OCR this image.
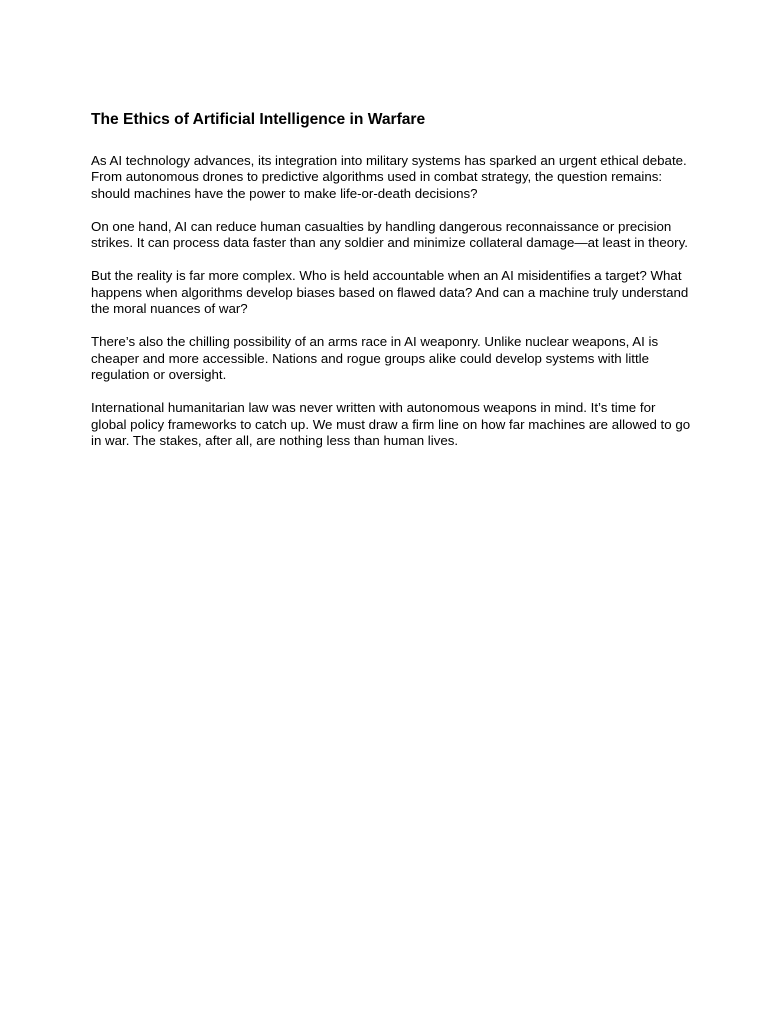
The Ethics of Artificial Intelligence in Warfare

As AI technology advances, its integration into military systems has sparked an urgent ethical debate. From autonomous drones to predictive algorithms used in combat strategy, the question remains: should machines have the power to make life-or-death decisions?

On one hand, AI can reduce human casualties by handling dangerous reconnaissance or precision strikes. It can process data faster than any soldier and minimize collateral damage—at least in theory.

But the reality is far more complex. Who is held accountable when an AI misidentifies a target? What happens when algorithms develop biases based on flawed data? And can a machine truly understand the moral nuances of war?

There’s also the chilling possibility of an arms race in AI weaponry. Unlike nuclear weapons, AI is cheaper and more accessible. Nations and rogue groups alike could develop systems with little regulation or oversight.

International humanitarian law was never written with autonomous weapons in mind. It’s time for global policy frameworks to catch up. We must draw a firm line on how far machines are allowed to go in war. The stakes, after all, are nothing less than human lives.
